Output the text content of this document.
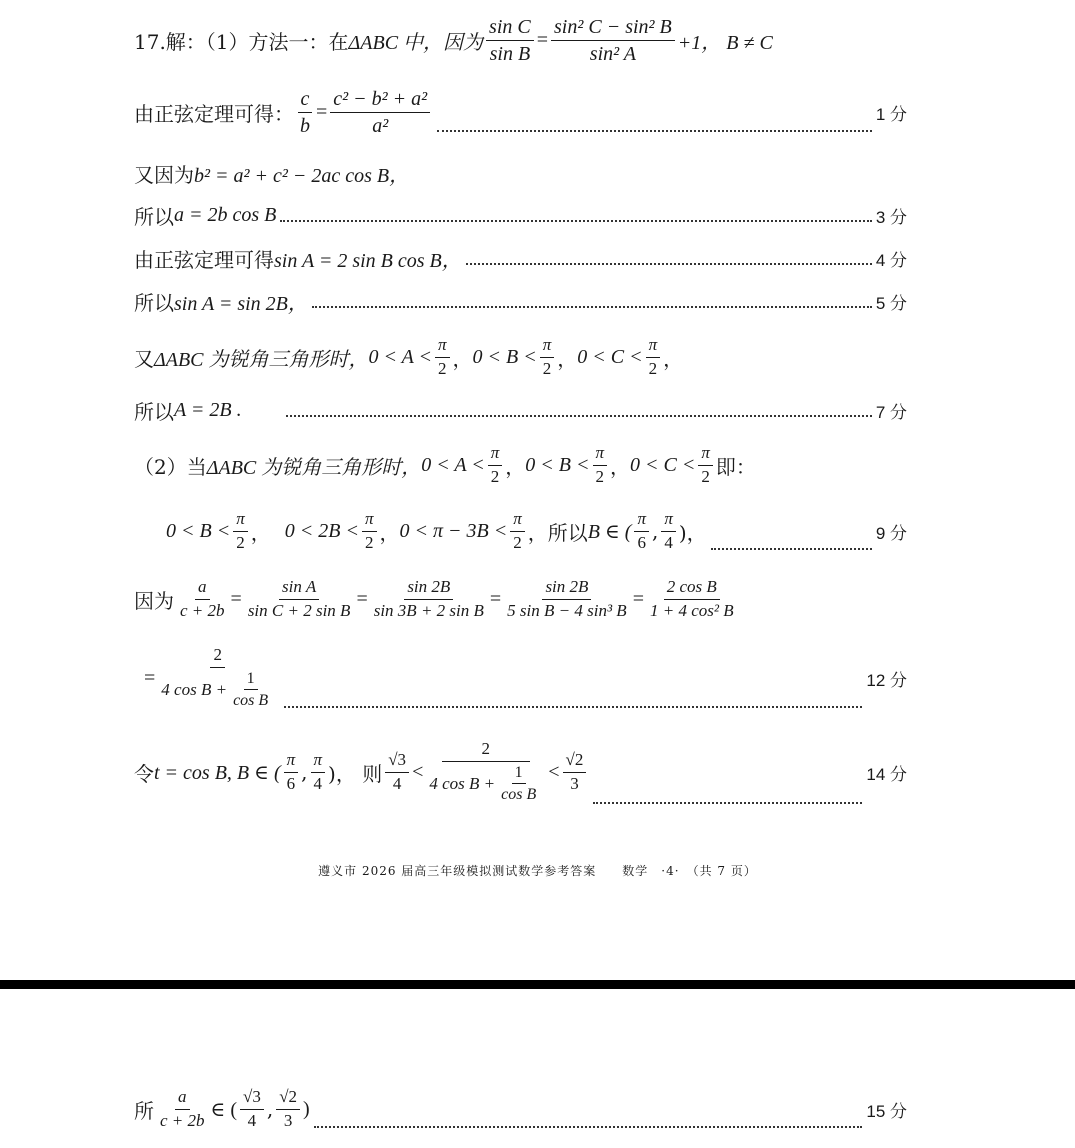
17.解：（1）方法一：在 ΔABC 中，因为 $\frac{\text{sin C}}{\text{sin B}} = \frac{\text{sin² C − sin² B}}{\text{sin² A}} +1$， B ≠ C
由正弦定理可得： $\frac{c}{b} = \frac{\text{c² − b² + a²}}{\text{a²}}$	1 分
又因为 b² = a² + c² − 2ac cos B，
所以 a = 2b cos B	3 分
由正弦定理可得 sin A = 2 sin B cos B，	4 分
所以 sin A = sin 2B，	5 分
又 ΔABC 为锐角三角形时， $0 < A < \frac{\pi}{2}$ ， $0 < B < \frac{\pi}{2}$ ， $0 < C < \frac{\pi}{2}$ ，
所以 A = 2B .	7 分
（2）当 ΔABC 为锐角三角形时， $0 < A < \frac{\pi}{2}$ ， $0 < B < \frac{\pi}{2}$ ， $0 < C < \frac{\pi}{2}$ 即：
$0 < B < \frac{\pi}{2}$ ， $0 < 2B < \frac{\pi}{2}$ ， $0 < \pi - 3B < \frac{\pi}{2}$ ，所以 B ∈ ( $\frac{\pi}{6}$ , $\frac{\pi}{4}$ )，	9 分
因为 $\frac{a}{c + 2b} = \frac{\text{sin A}}{\text{sin C + 2 sin B}} = \frac{\sin 2B}{\text{sin 3B + 2 sin B}} = \frac{\sin 2B}{\text{5 sin B − 4 sin³ B}} = \frac{\text{2 cos B}}{\text{1 + 4 cos² B}}$
= $\frac{2}{4 \cos B + \frac{1}{\text{cos B}}}$	12 分
令 t = cos B, B ∈ ( $\frac{\pi}{6}$ , $\frac{\pi}{4}$ )， 则 $\frac{√3}{4} < \frac{2}{4 \cos B + \frac{1}{\text{cos B}}} < \frac{√2}{3}$	14 分
遵义市 2026 届高三年级模拟测试数学参考答案　　数学　·4·　（共 7 页）
所 $\frac{a}{c + 2b}$ ∈ ( $\frac{√3}{4}$ , $\frac{√2}{3}$ )	15 分
